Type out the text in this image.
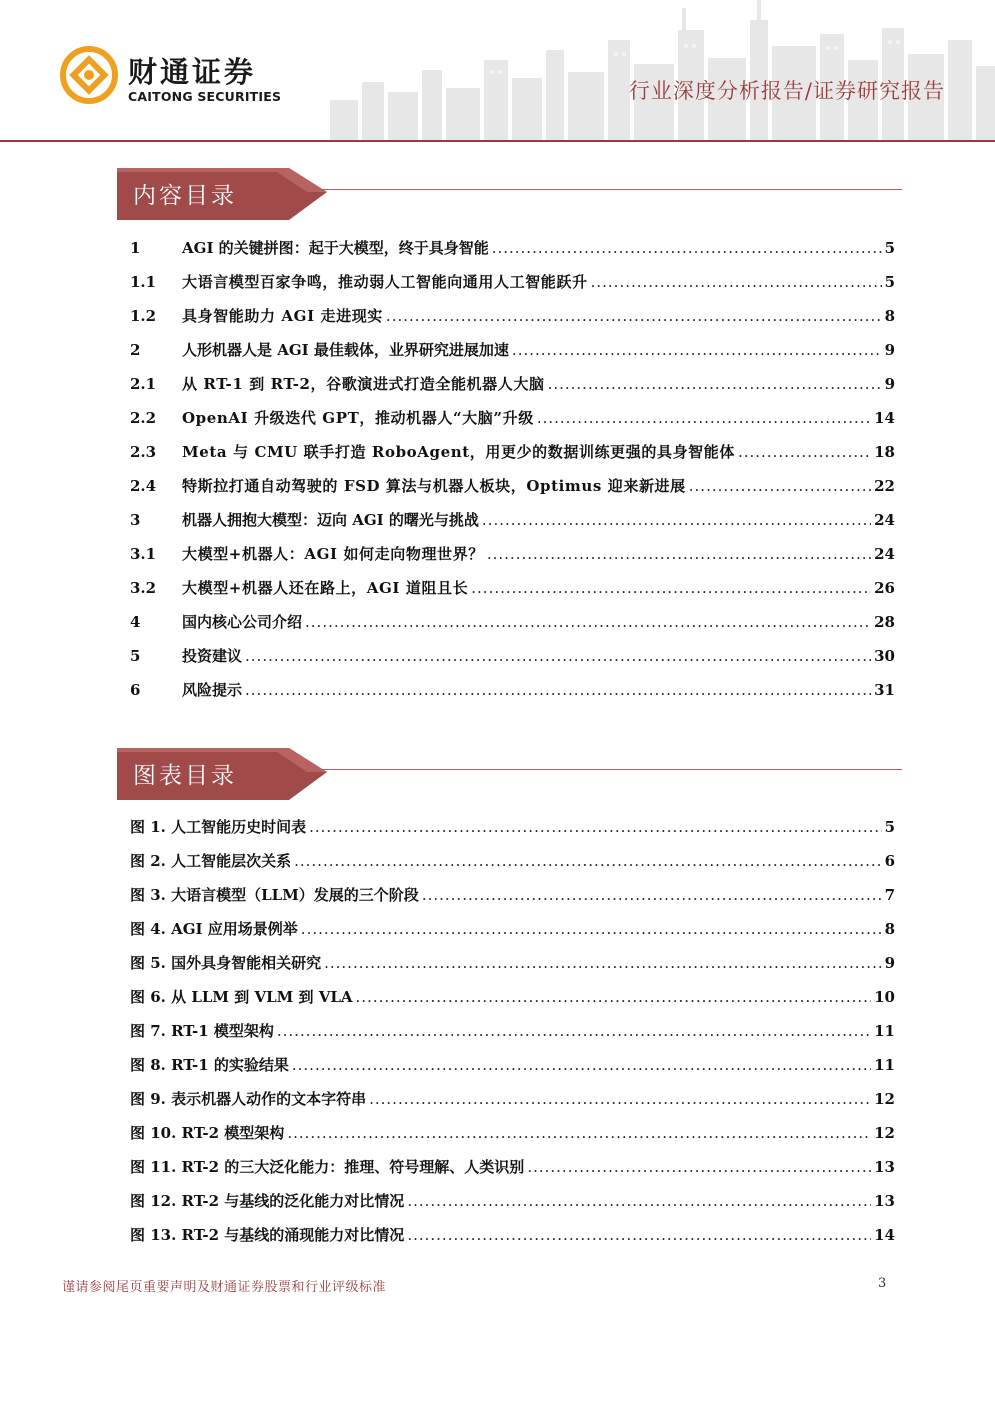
财通证券
CAITONG SECURITIES	行业深度分析报告/证券研究报告
内容目录
1	AGI 的关键拼图：起于大模型，终于具身智能 .....	5
1.1	大语言模型百家争鸣，推动弱人工智能向通用人工智能跃升 .....	5
1.2	具身智能助力 AGI 走进现实 .....	8
2	人形机器人是 AGI 最佳载体，业界研究进展加速 .....	9
2.1	从 RT-1 到 RT-2，谷歌演进式打造全能机器人大脑 .....	9
2.2	OpenAI 升级迭代 GPT，推动机器人“大脑”升级 .....	14
2.3	Meta 与 CMU 联手打造 RoboAgent，用更少的数据训练更强的具身智能体 .....	18
2.4	特斯拉打通自动驾驶的 FSD 算法与机器人板块，Optimus 迎来新进展 .....	22
3	机器人拥抱大模型：迈向 AGI 的曙光与挑战 .....	24
3.1	大模型+机器人：AGI 如何走向物理世界？ .....	24
3.2	大模型+机器人还在路上，AGI 道阻且长 .....	26
4	国内核心公司介绍 .....	28
5	投资建议 .....	30
6	风险提示 .....	31
图表目录
图 1. 人工智能历史时间表 .....	5
图 2. 人工智能层次关系 .....	6
图 3. 大语言模型（LLM）发展的三个阶段 .....	7
图 4. AGI 应用场景例举 .....	8
图 5. 国外具身智能相关研究 .....	9
图 6. 从 LLM 到 VLM 到 VLA .....	10
图 7. RT-1 模型架构 .....	11
图 8. RT-1 的实验结果 .....	11
图 9. 表示机器人动作的文本字符串 .....	12
图 10. RT-2 模型架构 .....	12
图 11. RT-2 的三大泛化能力：推理、符号理解、人类识别 .....	13
图 12. RT-2 与基线的泛化能力对比情况 .....	13
图 13. RT-2 与基线的涌现能力对比情况 .....	14
谨请参阅尾页重要声明及财通证券股票和行业评级标准	3
